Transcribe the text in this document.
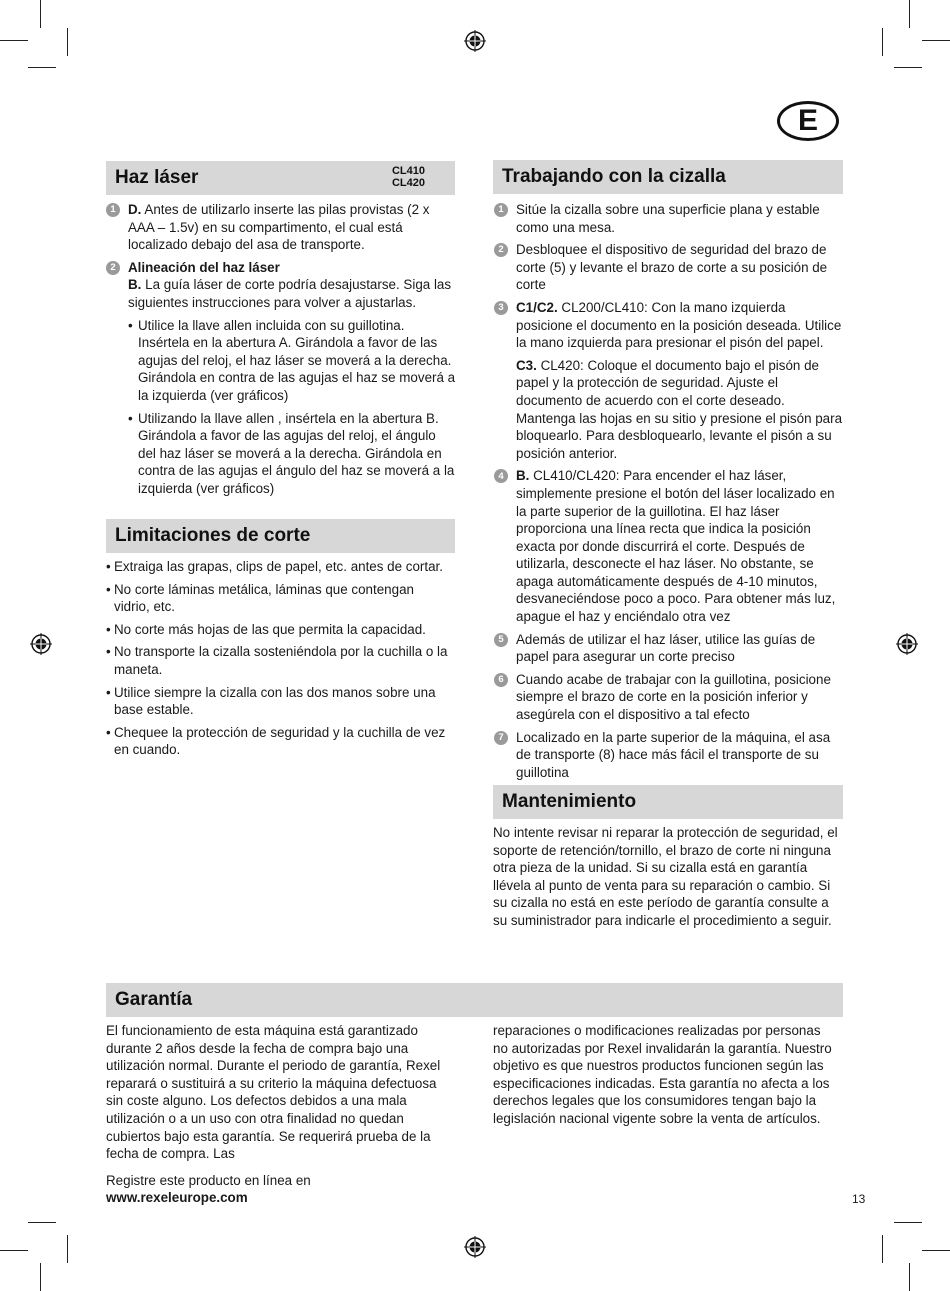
E
Haz láser	CL410
CL420
1 D. Antes de utilizarlo inserte las pilas provistas (2 x AAA – 1.5v) en su compartimento, el cual está localizado debajo del asa de transporte.

2 Alineación del haz láser

B. La guía láser de corte podría desajustarse. Siga las siguientes instrucciones para volver a ajustarlas.

• Utilice la llave allen incluida con su guillotina. Insértela en la abertura A. Girándola a favor de las agujas del reloj, el haz láser se moverá a la derecha. Girándola en contra de las agujas el haz se moverá a la izquierda (ver gráficos)
• Utilizando la llave allen , insértela en la abertura B. Girándola a favor de las agujas del reloj, el ángulo del haz láser se moverá a la derecha. Girándola en contra de las agujas el ángulo del haz se moverá a la izquierda (ver gráficos)
Limitaciones de corte
• Extraiga las grapas, clips de papel, etc. antes de cortar.
• No corte láminas metálica, láminas que contengan vidrio, etc.
• No corte más hojas de las que permita la capacidad.
• No transporte la cizalla sosteniéndola por la cuchilla o la maneta.
• Utilice siempre la cizalla con las dos manos sobre una base estable.
• Chequee la protección de seguridad y la cuchilla de vez en cuando.
Trabajando con la cizalla
1 Sitúe la cizalla sobre una superficie plana y estable como una mesa.

2 Desbloquee el dispositivo de seguridad del brazo de corte (5) y levante el brazo de corte a su posición de corte

3 C1/C2. CL200/CL410: Con la mano izquierda posicione el documento en la posición deseada. Utilice la mano izquierda para presionar el pisón del papel.

C3. CL420: Coloque el documento bajo el pisón de papel y la protección de seguridad. Ajuste el documento de acuerdo con el corte deseado. Mantenga las hojas en su sitio y presione el pisón para bloquearlo. Para desbloquearlo, levante el pisón a su posición anterior.

4 B. CL410/CL420: Para encender el haz láser, simplemente presione el botón del láser localizado en la parte superior de la guillotina. El haz láser proporciona una línea recta que indica la posición exacta por donde discurrirá el corte. Después de utilizarla, desconecte el haz láser. No obstante, se apaga automáticamente después de 4-10 minutos, desvaneciéndose poco a poco. Para obtener más luz, apague el haz y enciéndalo otra vez

5 Además de utilizar el haz láser, utilice las guías de papel para asegurar un corte preciso

6 Cuando acabe de trabajar con la guillotina, posicione siempre el brazo de corte en la posición inferior y asegúrela con el dispositivo a tal efecto

7 Localizado en la parte superior de la máquina, el asa de transporte (8) hace más fácil el transporte de su guillotina

Mantenimiento

No intente revisar ni reparar la protección de seguridad, el soporte de retención/tornillo, el brazo de corte ni ninguna otra pieza de la unidad. Si su cizalla está en garantía llévela al punto de venta para su reparación o cambio. Si su cizalla no está en este período de garantía consulte a su suministrador para indicarle el procedimiento a seguir.

Garantía

El funcionamiento de esta máquina está garantizado durante 2 años desde la fecha de compra bajo una utilización normal. Durante el periodo de garantía, Rexel reparará o sustituirá a su criterio la máquina defectuosa sin coste alguno. Los defectos debidos a una mala utilización o a un uso con otra finalidad no quedan cubiertos bajo esta garantía. Se requerirá prueba de la fecha de compra. Las

Registre este producto en línea en www.rexeleurope.com

reparaciones o modificaciones realizadas por personas no autorizadas por Rexel invalidarán la garantía. Nuestro objetivo es que nuestros productos funcionen según las especificaciones indicadas. Esta garantía no afecta a los derechos legales que los consumidores tengan bajo la legislación nacional vigente sobre la venta de artículos.

13
